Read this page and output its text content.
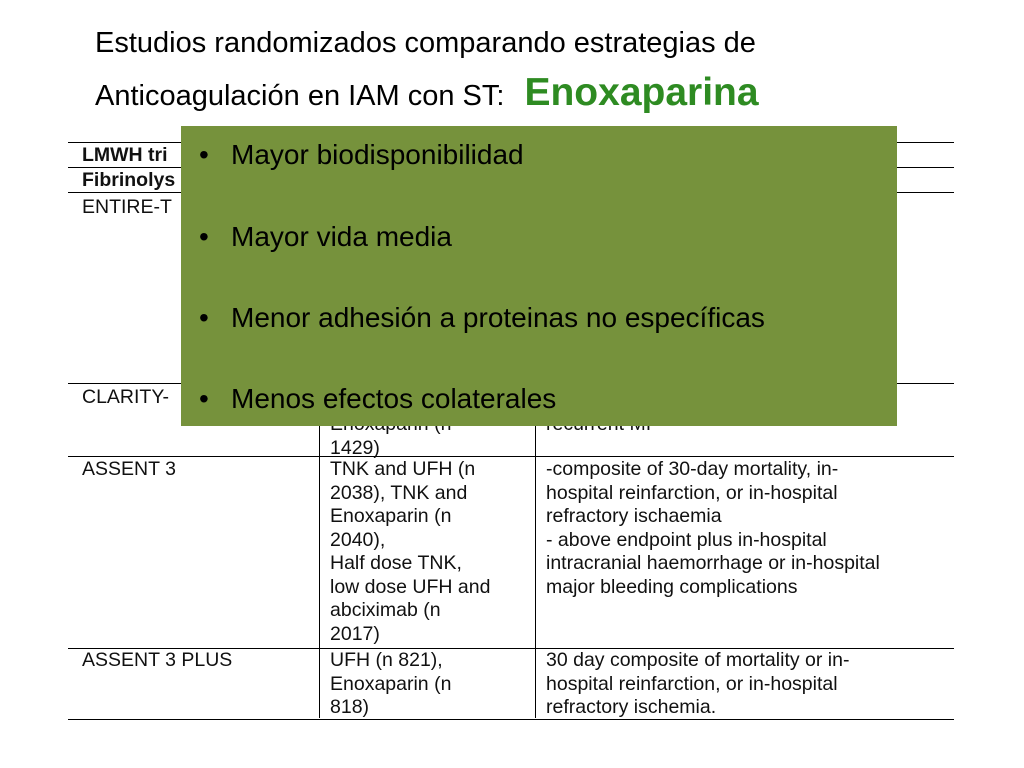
Estudios randomizados comparando estrategias de
Anticoagulación en IAM con ST: Enoxaparina
LMWH tri
Fibrinolys
ENTIRE-T
CLARITY-
1429)
ASSENT 3	TNK and UFH (n
2038), TNK and
Enoxaparin (n
2040),
Half dose TNK,
low dose UFH and
abciximab (n
2017)
-composite of 30-day mortality, in-
hospital reinfarction, or in-hospital
refractory ischaemia
- above endpoint plus in-hospital
intracranial haemorrhage or in-hospital
major bleeding complications
ASSENT 3 PLUS	UFH (n 821),
Enoxaparin (n
818)
30 day composite of mortality or in-
hospital reinfarction, or in-hospital
refractory ischemia.
• Mayor biodisponibilidad
• Mayor vida media
• Menor adhesión a proteinas no específicas
• Menos efectos colaterales
